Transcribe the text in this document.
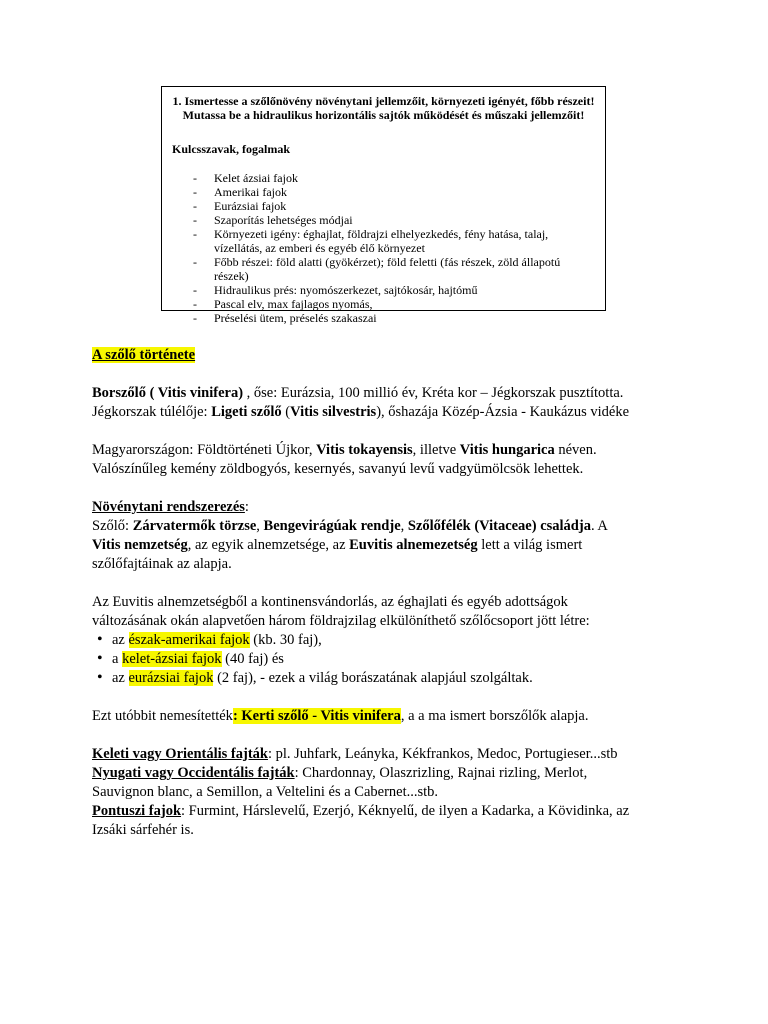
1. Ismertesse a szőlőnövény növénytani jellemzőit, környezeti igényét, főbb részeit!
Mutassa be a hidraulikus horizontális sajtók működését és műszaki jellemzőit!
Kulcsszavak, fogalmak
- Kelet ázsiai fajok
- Amerikai fajok
- Eurázsiai fajok
- Szaporítás lehetséges módjai
- Környezeti igény: éghajlat, földrajzi elhelyezkedés, fény hatása, talaj, vízellátás, az emberi és egyéb élő környezet
- Főbb részei: föld alatti (gyökérzet); föld feletti (fás részek, zöld állapotú részek)
- Hidraulikus prés: nyomószerkezet, sajtókosár, hajtómű
- Pascal elv, max fajlagos nyomás,
- Préselési ütem, préselés szakaszai

A szőlő története

Borszőlő ( Vitis vinifera) , őse: Eurázsia, 100 millió év, Kréta kor – Jégkorszak pusztította.
Jégkorszak túlélője: Ligeti szőlő (Vitis silvestris), őshazája Közép-Ázsia - Kaukázus vidéke

Magyarországon: Földtörténeti Újkor, Vitis tokayensis, illetve Vitis hungarica néven.
Valószínűleg kemény zöldbogyós, kesernyés, savanyú levű vadgyümölcsök lehettek.

Növénytani rendszerezés:
Szőlő: Zárvatermők törzse, Bengevirágúak rendje, Szőlőfélék (Vitaceae) családja. A
Vitis nemzetség, az egyik alnemzetsége, az Euvitis alnemezetség lett a világ ismert
szőlőfajtáinak az alapja.

Az Euvitis alnemzetségből a kontinensvándorlás, az éghajlati és egyéb adottságok
változásának okán alapvetően három földrajzilag elkülöníthető szőlőcsoport jött létre:

• az észak-amerikai fajok (kb. 30 faj),
• a kelet-ázsiai fajok (40 faj) és
• az eurázsiai fajok (2 faj), - ezek a világ borászatának alapjául szolgáltak.

Ezt utóbbit nemesítették: Kerti szőlő - Vitis vinifera, a a ma ismert borszőlők alapja.

Keleti vagy Orientális fajták: pl. Juhfark, Leányka, Kékfrankos, Medoc, Portugieser...stb
Nyugati vagy Occidentális fajták: Chardonnay, Olaszrizling, Rajnai rizling, Merlot,
Sauvignon blanc, a Semillon, a Veltelini és a Cabernet...stb.
Pontuszi fajok: Furmint, Hárslevelű, Ezerjó, Kéknyelű, de ilyen a Kadarka, a Kövidinka, az
Izsáki sárfehér is.
